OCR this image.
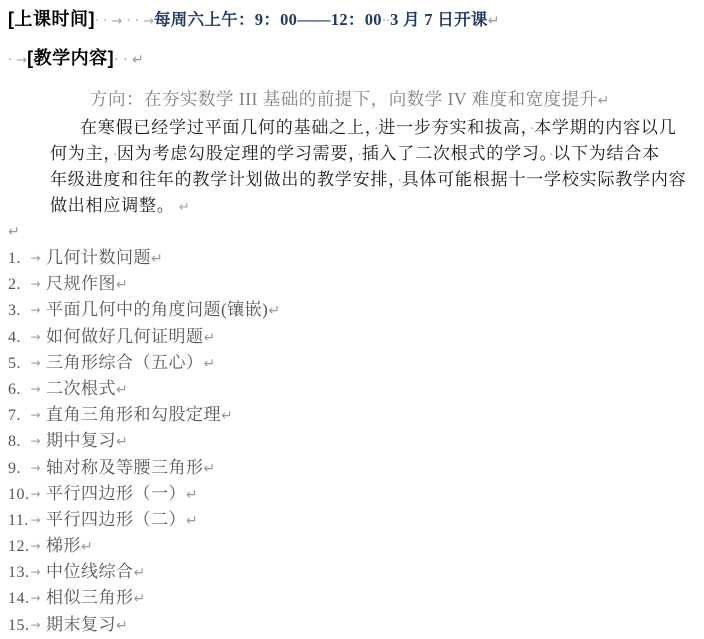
[上课时间]· · → · · →每周六上午：9：00——12：00··3 月 7 日开课↵
· →[教学内容]· · ↵
方向：在夯实数学 III 基础的前提下，向数学 IV 难度和宽度提升↵
在寒假已经学过平面几何的基础之上，·进一步夯实和拔高，·本学期的内容以几
何为主，·因为考虑勾股定理的学习需要，·插入了二次根式的学习。·以下为结合本
年级进度和往年的教学计划做出的教学安排，·具体可能根据十一学校实际教学内容
做出相应调整。 ↵
↵
1. → 几何计数问题↵
2. → 尺规作图↵
3. → 平面几何中的角度问题(镶嵌)↵
4. → 如何做好几何证明题↵
5. → 三角形综合（五心）↵
6. → 二次根式↵
7. → 直角三角形和勾股定理↵
8. → 期中复习↵
9. → 轴对称及等腰三角形↵
10. → 平行四边形（一）↵
11. → 平行四边形（二）↵
12. → 梯形↵
13. → 中位线综合↵
14. → 相似三角形↵
15. → 期末复习↵
